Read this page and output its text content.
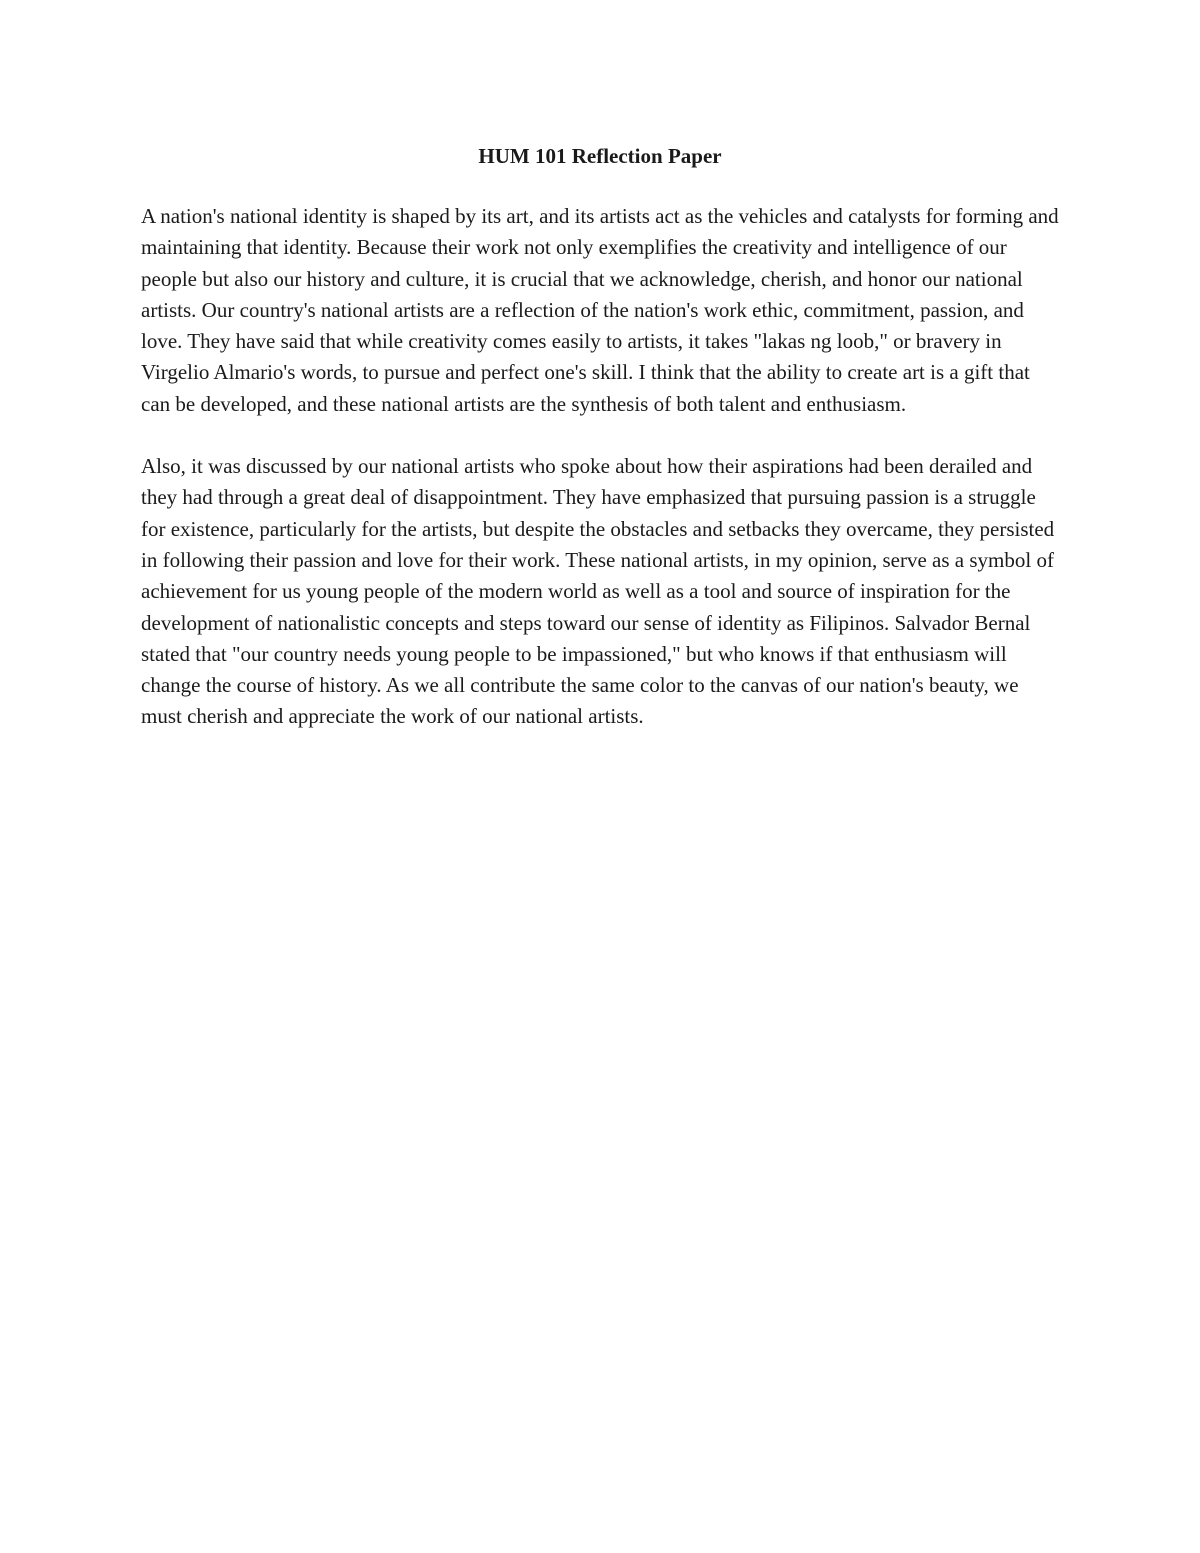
HUM 101 Reflection Paper

A nation's national identity is shaped by its art, and its artists act as the vehicles and catalysts for forming and maintaining that identity. Because their work not only exemplifies the creativity and intelligence of our people but also our history and culture, it is crucial that we acknowledge, cherish, and honor our national artists. Our country's national artists are a reflection of the nation's work ethic, commitment, passion, and love. They have said that while creativity comes easily to artists, it takes "lakas ng loob," or bravery in Virgelio Almario's words, to pursue and perfect one's skill. I think that the ability to create art is a gift that can be developed, and these national artists are the synthesis of both talent and enthusiasm.

Also, it was discussed by our national artists who spoke about how their aspirations had been derailed and they had through a great deal of disappointment. They have emphasized that pursuing passion is a struggle for existence, particularly for the artists, but despite the obstacles and setbacks they overcame, they persisted in following their passion and love for their work. These national artists, in my opinion, serve as a symbol of achievement for us young people of the modern world as well as a tool and source of inspiration for the development of nationalistic concepts and steps toward our sense of identity as Filipinos. Salvador Bernal stated that "our country needs young people to be impassioned," but who knows if that enthusiasm will change the course of history. As we all contribute the same color to the canvas of our nation's beauty, we must cherish and appreciate the work of our national artists.
